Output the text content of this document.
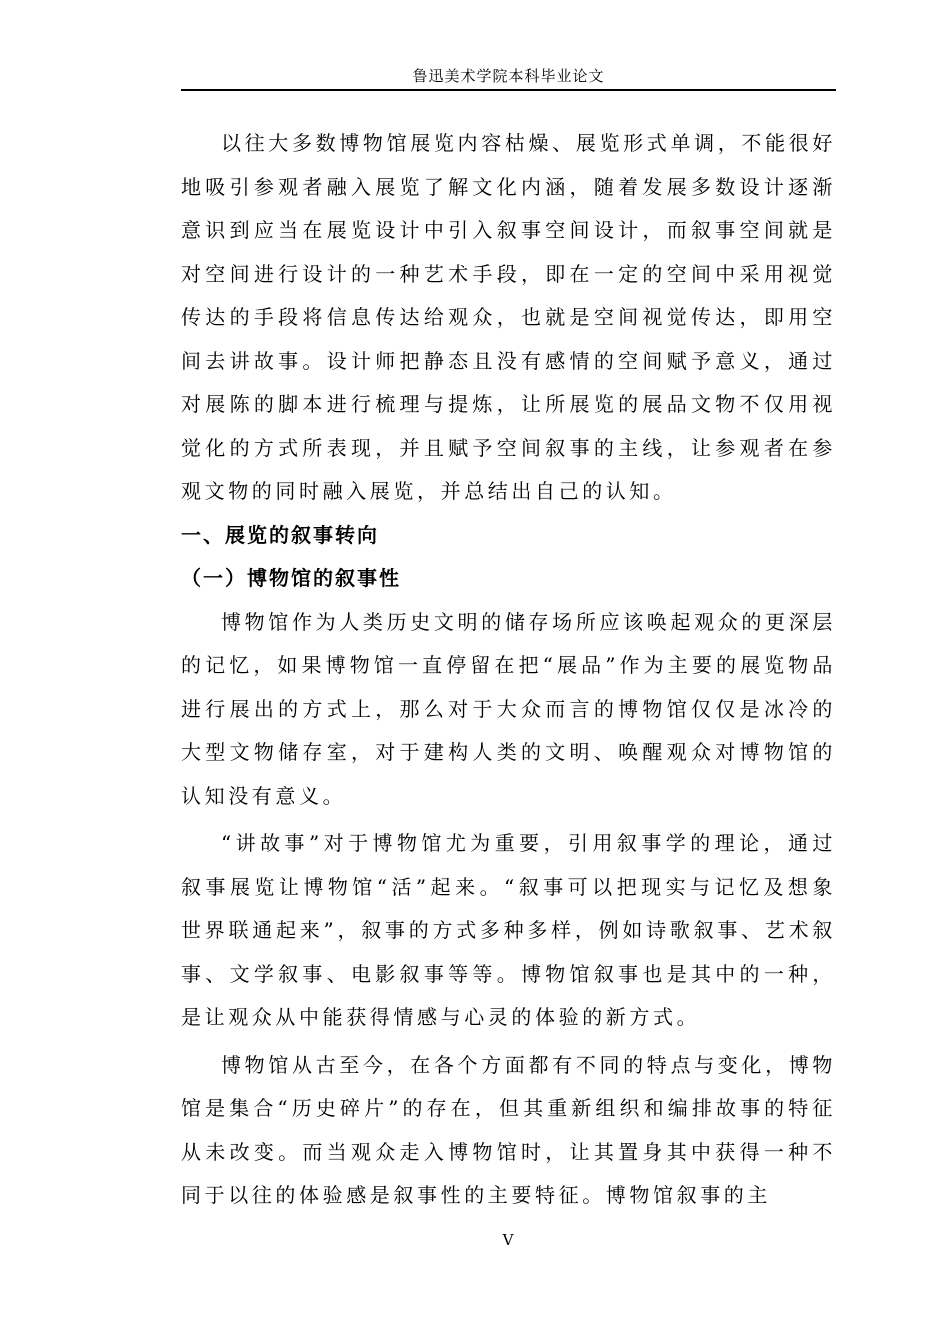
鲁迅美术学院本科毕业论文

以往大多数博物馆展览内容枯燥、展览形式单调，不能很好地吸引参观者融入展览了解文化内涵，随着发展多数设计逐渐意识到应当在展览设计中引入叙事空间设计，而叙事空间就是对空间进行设计的一种艺术手段，即在一定的空间中采用视觉传达的手段将信息传达给观众，也就是空间视觉传达，即用空间去讲故事。设计师把静态且没有感情的空间赋予意义，通过对展陈的脚本进行梳理与提炼，让所展览的展品文物不仅用视觉化的方式所表现，并且赋予空间叙事的主线，让参观者在参观文物的同时融入展览，并总结出自己的认知。

一、展览的叙事转向
（一）博物馆的叙事性

博物馆作为人类历史文明的储存场所应该唤起观众的更深层的记忆，如果博物馆一直停留在把“展品”作为主要的展览物品进行展出的方式上，那么对于大众而言的博物馆仅仅是冰冷的大型文物储存室，对于建构人类的文明、唤醒观众对博物馆的认知没有意义。

“讲故事”对于博物馆尤为重要，引用叙事学的理论，通过叙事展览让博物馆“活”起来。“叙事可以把现实与记忆及想象世界联通起来”，叙事的方式多种多样，例如诗歌叙事、艺术叙事、文学叙事、电影叙事等等。博物馆叙事也是其中的一种，是让观众从中能获得情感与心灵的体验的新方式。

博物馆从古至今，在各个方面都有不同的特点与变化，博物馆是集合“历史碎片”的存在，但其重新组织和编排故事的特征从未改变。而当观众走入博物馆时，让其置身其中获得一种不同于以往的体验感是叙事性的主要特征。博物馆叙事的主

V
